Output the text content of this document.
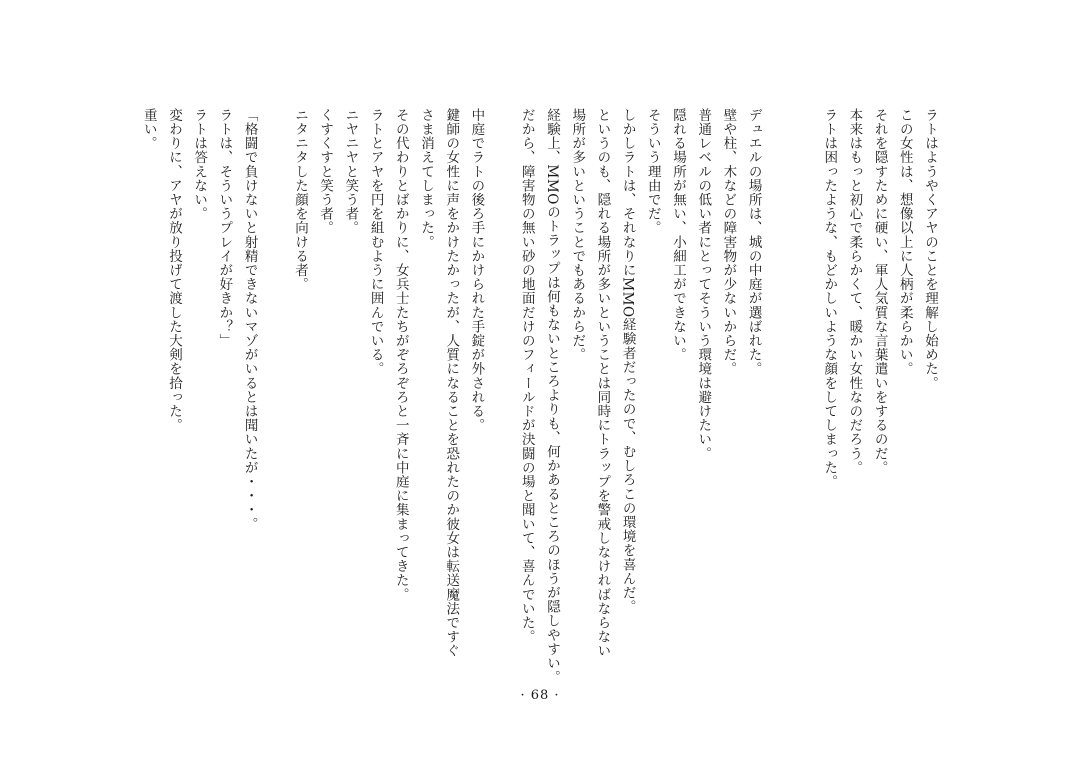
ラトはようやくアヤのことを理解し始めた。
この女性は、想像以上に人柄が柔らかい。
それを隠すために硬い、軍人気質な言葉遣いをするのだ。
本来はもっと初心で柔らかくて、暖かい女性なのだろう。
ラトは困ったような、もどかしいような顔をしてしまった。
デュエルの場所は、城の中庭が選ばれた。
壁や柱、木などの障害物が少ないからだ。
普通レベルの低い者にとってそういう環境は避けたい。
隠れる場所が無い、小細工ができない。
そういう理由でだ。
しかしラトは、それなりにMMO経験者だったので、むしろこの環境を喜んだ。
というのも、隠れる場所が多いということは同時にトラップを警戒しなければならない
場所が多いということでもあるからだ。
経験上、MMOのトラップは何もないところよりも、何かあるところのほうが隠しやすい。
だから、障害物の無い砂の地面だけのフィールドが決闘の場と聞いて、喜んでいた。
中庭でラトの後ろ手にかけられた手錠が外される。
鍵師の女性に声をかけたかったが、人質になることを恐れたのか彼女は転送魔法ですぐ
さま消えてしまった。
その代わりとばかりに、女兵士たちがぞろぞろと一斉に中庭に集まってきた。
ラトとアヤを円を組むように囲んでいる。
ニヤニヤと笑う者。
くすくすと笑う者。
ニタニタした顔を向ける者。
「格闘で負けないと射精できないマゾがいるとは聞いたが・・・。
ラトは、そういうプレイが好きか？」
ラトは答えない。
変わりに、アヤが放り投げて渡した大剣を拾った。
重い。
· 68 ·
